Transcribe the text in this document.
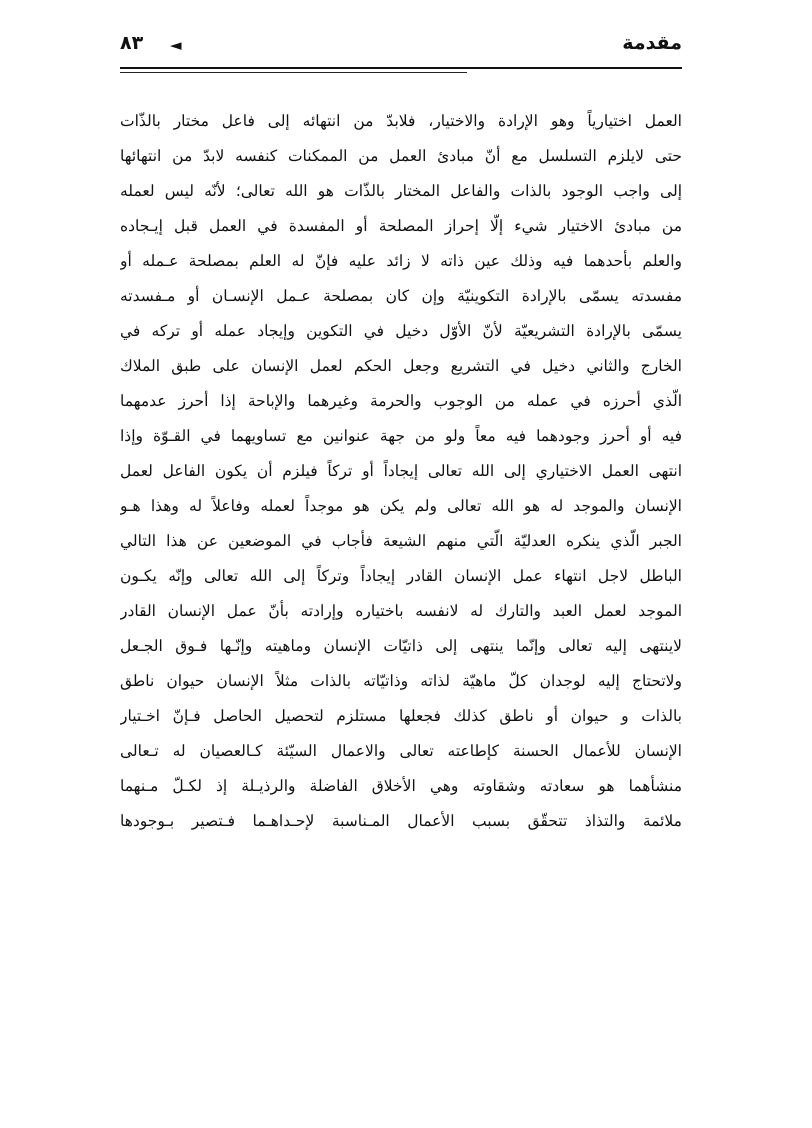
مقدمة
◄
٨٣
العمل اختيارياً وهو الإرادة والاختيار، فلابدّ من انتهائه إلى فاعل مختار بالذّات
حتى لايلزم التسلسل مع أنّ مبادئ العمل من الممكنات كنفسه لابدّ من انتهائها
إلى واجب الوجود بالذات والفاعل المختار بالذّات هو الله تعالى؛ لأنّه ليس لعمله
من مبادئ الاختيار شيء إلّا إحراز المصلحة أو المفسدة في العمل قبل إيـجاده
والعلم بأحدهما فيه وذلك عين ذاته لا زائد عليه فإنّ له العلم بمصلحة عـمله أو
مفسدته يسمّى بالإرادة التكوينيّة وإن كان بمصلحة عـمل الإنسـان أو مـفسدته
يسمّى بالإرادة التشريعيّة لأنّ الأوّل دخيل في التكوين وإيجاد عمله أو تركه في
الخارج والثاني دخيل في التشريع وجعل الحكم لعمل الإنسان على طبق الملاك
الّذي أحرزه في عمله من الوجوب والحرمة وغيرهما والإباحة إذا أحرز عدمهما
فيه أو أحرز وجودهما فيه معاً ولو من جهة عنوانين مع تساويهما في القـوّة وإذا
انتهى العمل الاختياري إلى الله تعالى إيجاداً أو تركاً فيلزم أن يكون الفاعل لعمل
الإنسان والموجد له هو الله تعالى ولم يكن هو موجداً لعمله وفاعلاً له وهذا هـو
الجبر الّذي ينكره العدليّة الّتي منهم الشيعة فأجاب في الموضعين عن هذا التالي
الباطل لاجل انتهاء عمل الإنسان القادر إيجاداً وتركاً إلى الله تعالى وإنّه يكـون
الموجد لعمل العبد والتارك له لانفسه باختياره وإرادته بأنّ عمل الإنسان القادر
لاينتهى إليه تعالى وإنّما ينتهى إلى ذاتيّات الإنسان وماهيته وإنّـها فـوق الجـعل
ولاتحتاج إليه لوجدان كلّ ماهيّة لذاته وذاتيّاته بالذات مثلاً الإنسان حيوان ناطق
بالذات و حيوان أو ناطق كذلك فجعلها مستلزم لتحصيل الحاصل فـإنّ اخـتيار
الإنسان للأعمال الحسنة كإطاعته تعالى والاعمال السيّئة كـالعصيان له تـعالى
منشأهما هو سعادته وشقاوته وهي الأخلاق الفاضلة والرذيـلة إذ لكـلّ مـنهما
ملائمة والتذاذ تتحقّق بسبب الأعمال المـناسبة لإحـداهـما فـتصير بـوجودها
